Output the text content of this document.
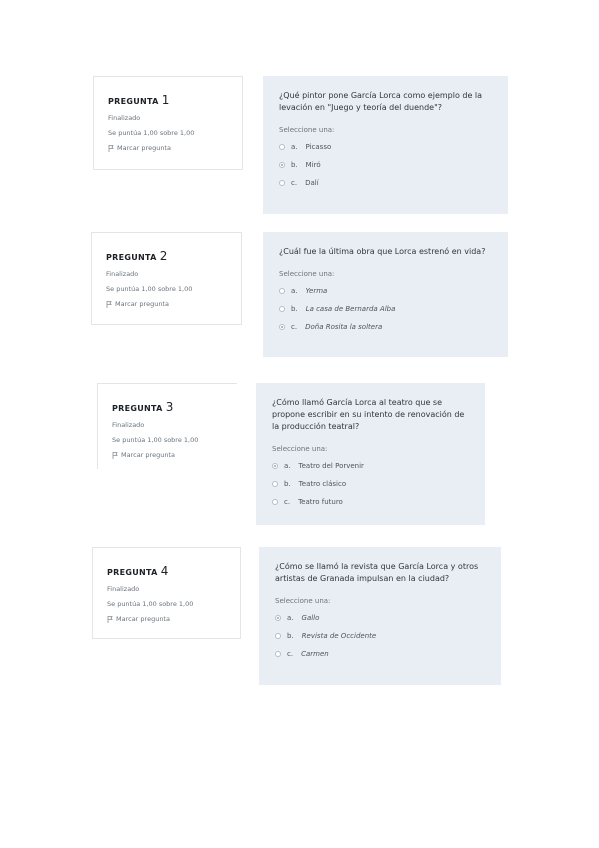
PREGUNTA 1
Finalizado
Se puntúa 1,00 sobre 1,00
Marcar pregunta
¿Qué pintor pone García Lorca como ejemplo de la levación en "Juego y teoría del duende"?
Seleccione una:
a. Picasso
b. Miró
c. Dalí
PREGUNTA 2
Finalizado
Se puntúa 1,00 sobre 1,00
Marcar pregunta
¿Cuál fue la última obra que Lorca estrenó en vida?
Seleccione una:
a. Yerma
b. La casa de Bernarda Alba
c. Doña Rosita la soltera
PREGUNTA 3
Finalizado
Se puntúa 1,00 sobre 1,00
Marcar pregunta
¿Cómo llamó García Lorca al teatro que se propone escribir en su intento de renovación de la producción teatral?
Seleccione una:
a. Teatro del Porvenir
b. Teatro clásico
c. Teatro futuro
PREGUNTA 4
Finalizado
Se puntúa 1,00 sobre 1,00
Marcar pregunta
¿Cómo se llamó la revista que García Lorca y otros artistas de Granada impulsan en la ciudad?
Seleccione una:
a. Gallo
b. Revista de Occidente
c. Carmen
